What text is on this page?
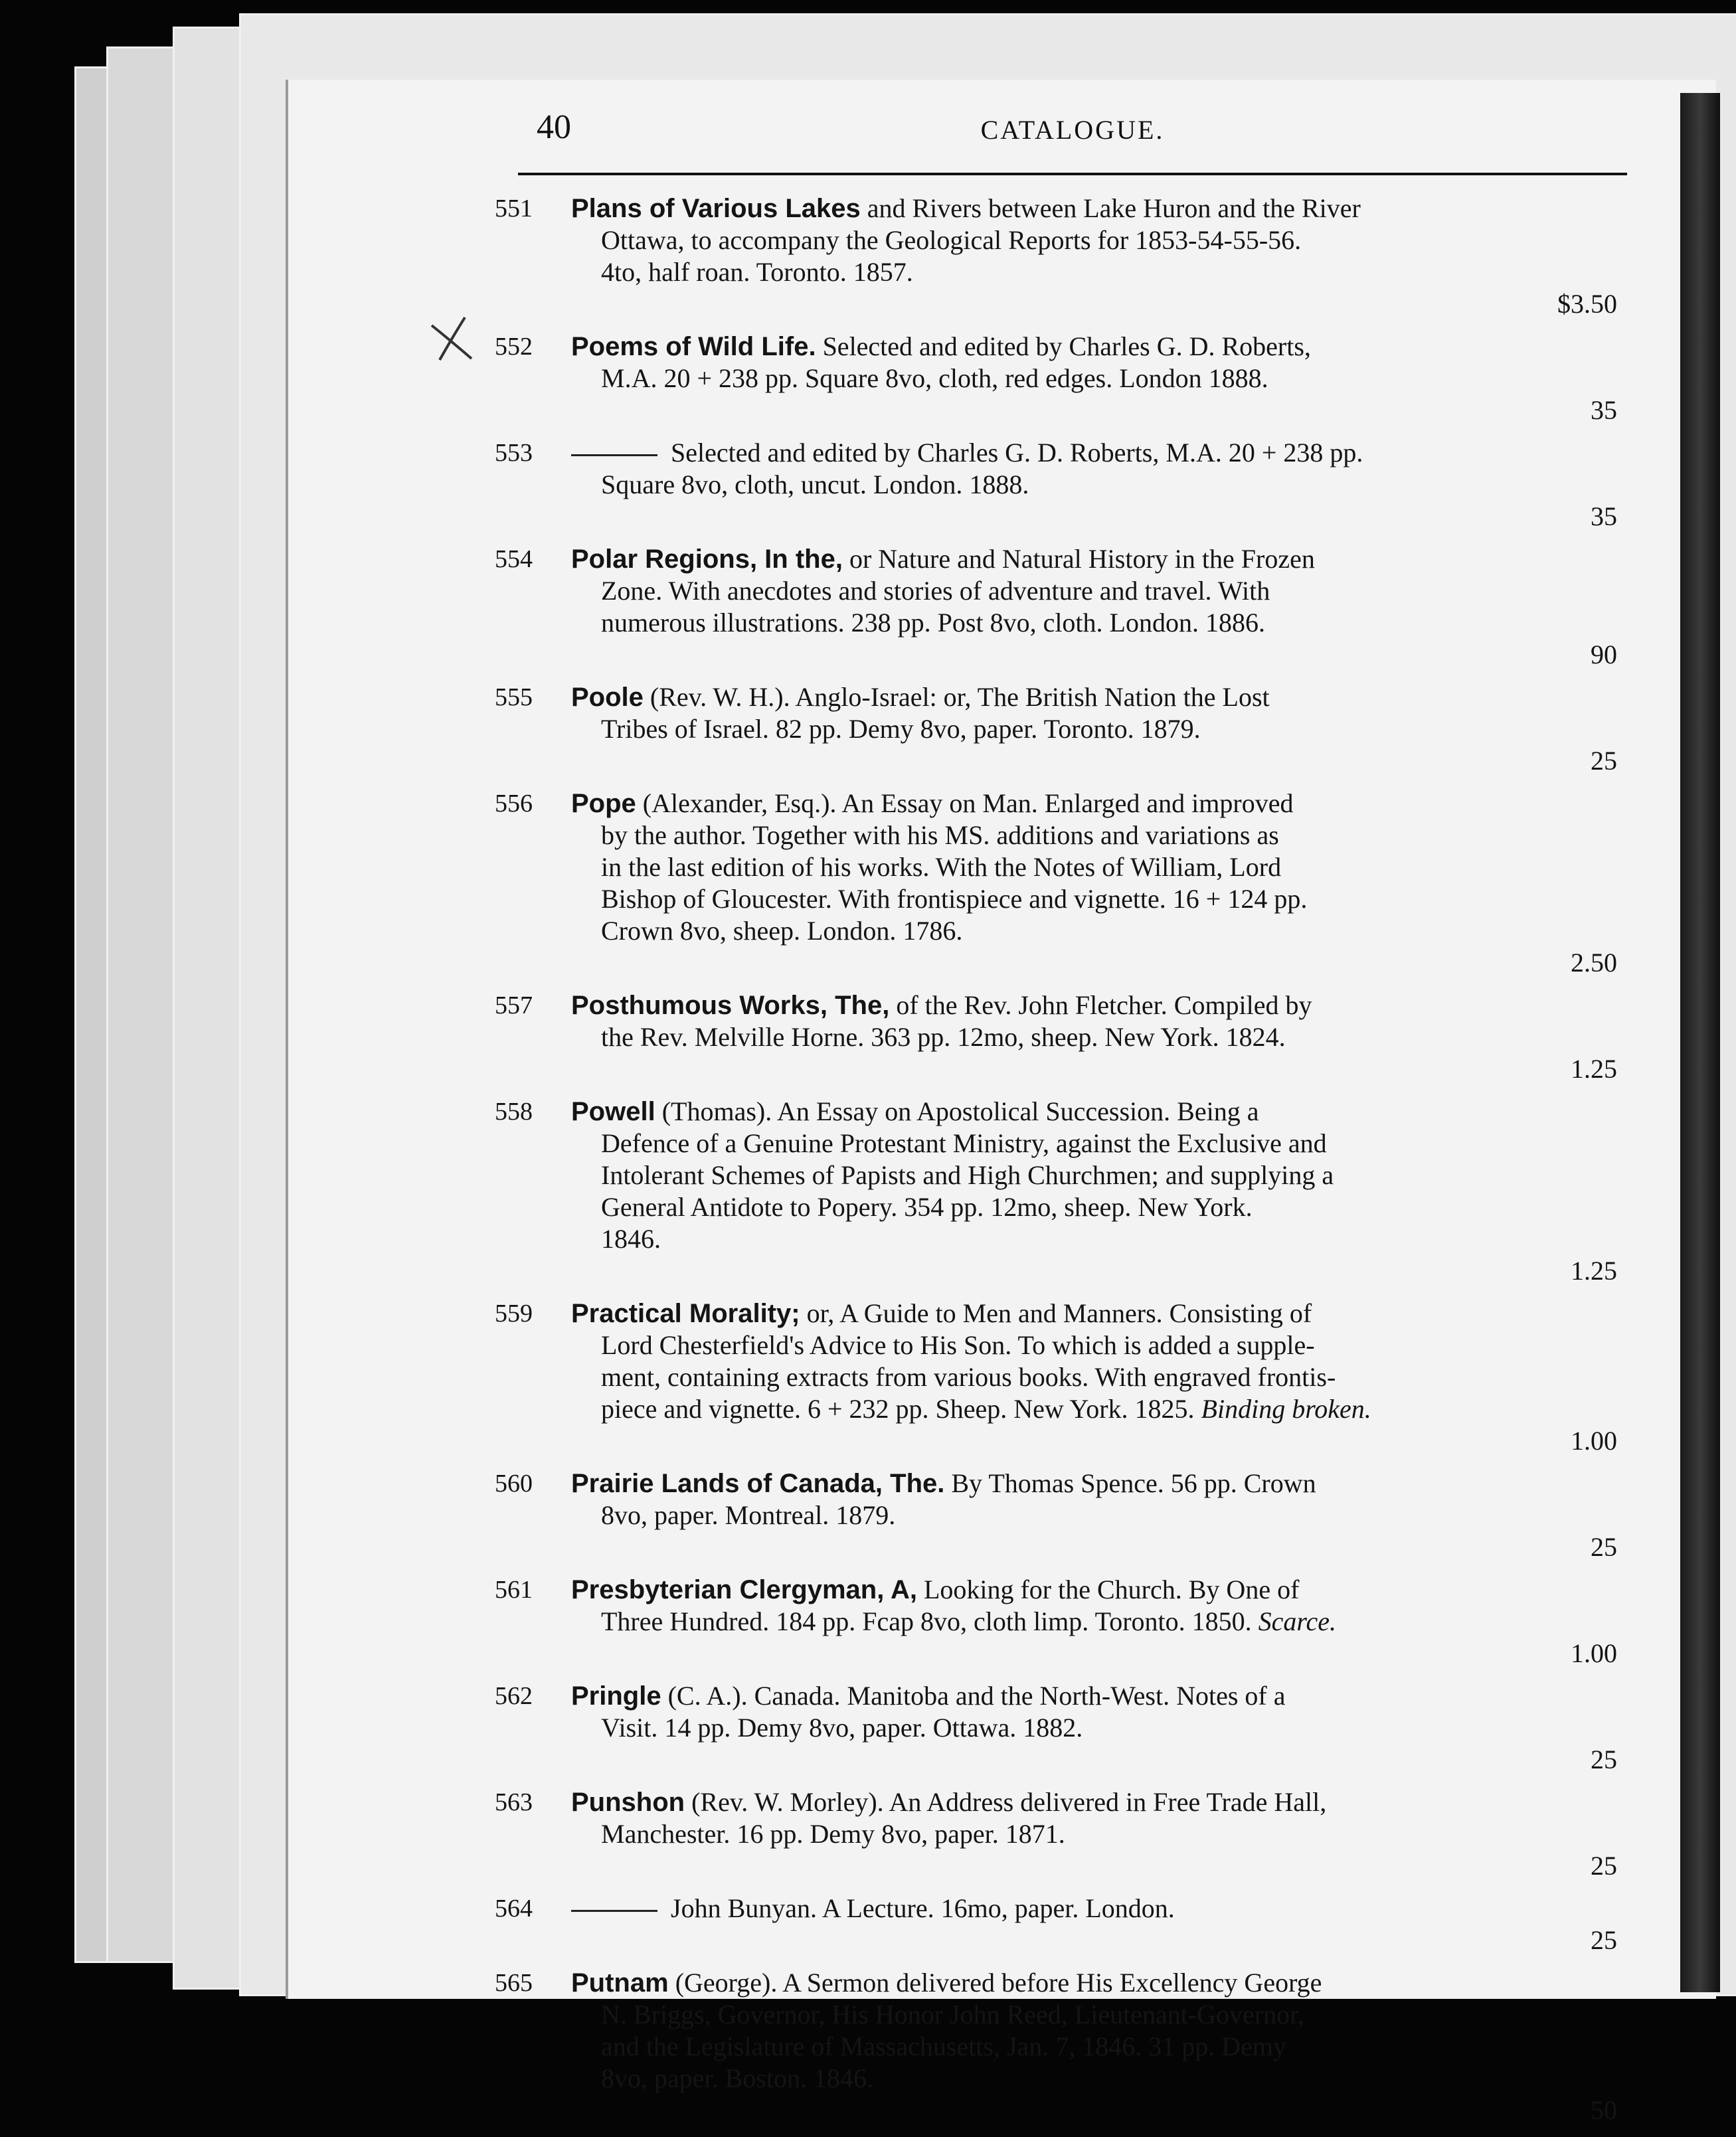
40	CATALOGUE.
551	Plans of Various Lakes and Rivers between Lake Huron and the River
Ottawa, to accompany the Geological Reports for 1853-54-55-56.
4to, half roan. Toronto. 1857.
$3.50
552	Poems of Wild Life. Selected and edited by Charles G. D. Roberts,
M.A. 20 + 238 pp. Square 8vo, cloth, red edges. London 1888.
35
553	Selected and edited by Charles G. D. Roberts, M.A. 20 + 238 pp.
Square 8vo, cloth, uncut. London. 1888.
35
554	Polar Regions, In the, or Nature and Natural History in the Frozen
Zone. With anecdotes and stories of adventure and travel. With
numerous illustrations. 238 pp. Post 8vo, cloth. London. 1886.
90
555	Poole (Rev. W. H.). Anglo-Israel: or, The British Nation the Lost
Tribes of Israel. 82 pp. Demy 8vo, paper. Toronto. 1879.
25
556	Pope (Alexander, Esq.). An Essay on Man. Enlarged and improved
by the author. Together with his MS. additions and variations as
in the last edition of his works. With the Notes of William, Lord
Bishop of Gloucester. With frontispiece and vignette. 16 + 124 pp.
Crown 8vo, sheep. London. 1786.
2.50
557	Posthumous Works, The, of the Rev. John Fletcher. Compiled by
the Rev. Melville Horne. 363 pp. 12mo, sheep. New York. 1824.
1.25
558	Powell (Thomas). An Essay on Apostolical Succession. Being a
Defence of a Genuine Protestant Ministry, against the Exclusive and
Intolerant Schemes of Papists and High Churchmen; and supplying a
General Antidote to Popery. 354 pp. 12mo, sheep. New York.
1846.
1.25
559	Practical Morality; or, A Guide to Men and Manners. Consisting of
Lord Chesterfield's Advice to His Son. To which is added a supple-
ment, containing extracts from various books. With engraved frontis-
piece and vignette. 6 + 232 pp. Sheep. New York. 1825. Binding broken.
1.00
560	Prairie Lands of Canada, The. By Thomas Spence. 56 pp. Crown
8vo, paper. Montreal. 1879.
25
561	Presbyterian Clergyman, A, Looking for the Church. By One of
Three Hundred. 184 pp. Fcap 8vo, cloth limp. Toronto. 1850. Scarce.
1.00
562	Pringle (C. A.). Canada. Manitoba and the North-West. Notes of a
Visit. 14 pp. Demy 8vo, paper. Ottawa. 1882.
25
563	Punshon (Rev. W. Morley). An Address delivered in Free Trade Hall,
Manchester. 16 pp. Demy 8vo, paper. 1871.
25
564	John Bunyan. A Lecture. 16mo, paper. London.
25
565	Putnam (George). A Sermon delivered before His Excellency George
N. Briggs, Governor, His Honor John Reed, Lieutenant-Governor,
and the Legislature of Massachusetts, Jan. 7, 1846. 31 pp. Demy
8vo, paper. Boston. 1846.
50
